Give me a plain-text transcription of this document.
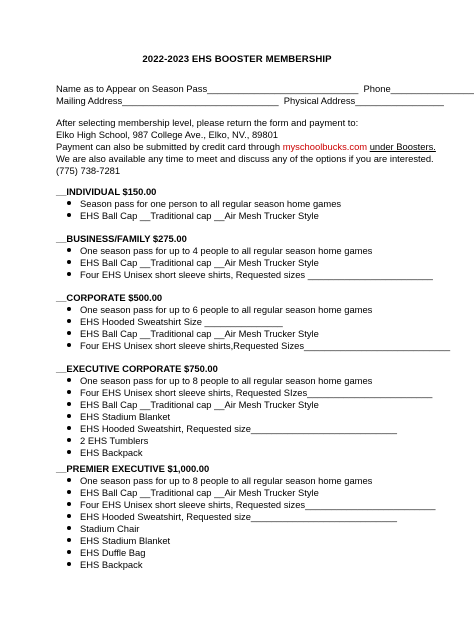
2022-2023 EHS BOOSTER MEMBERSHIP
Name as to Appear on Season Pass_____________________________  Phone________________
Mailing Address______________________________  Physical Address_________________
After selecting membership level, please return the form and payment to:
Elko High School, 987 College Ave., Elko, NV., 89801
Payment can also be submitted by credit card through myschoolbucks.com under Boosters.
We are also available any time to meet and discuss any of the options if you are interested.
(775) 738-7281
__INDIVIDUAL $150.00
Season pass for one person to all regular season home games
EHS Ball Cap __Traditional cap __Air Mesh Trucker Style
__BUSINESS/FAMILY $275.00
One season pass for up to 4 people to all regular season home games
EHS Ball Cap __Traditional cap __Air Mesh Trucker Style
Four EHS Unisex short sleeve shirts, Requested sizes ________________________
__CORPORATE $500.00
One season pass for up to 6 people to all regular season home games
EHS Hooded Sweatshirt Size _______________
EHS Ball Cap __Traditional cap __Air Mesh Trucker Style
Four EHS Unisex short sleeve shirts,Requested Sizes____________________________
__EXECUTIVE CORPORATE $750.00
One season pass for up to 8 people to all regular season home games
Four EHS Unisex short sleeve shirts, Requested SIzes________________________
EHS Ball Cap __Traditional cap __Air Mesh Trucker Style
EHS Stadium Blanket
EHS Hooded Sweatshirt, Requested size____________________________
2 EHS Tumblers
EHS Backpack
__PREMIER EXECUTIVE $1,000.00
One season pass for up to 8 people to all regular season home games
EHS Ball Cap __Traditional cap __Air Mesh Trucker Style
Four EHS Unisex short sleeve shirts, Requested sizes_________________________
EHS Hooded Sweatshirt, Requested size____________________________
Stadium Chair
EHS Stadium Blanket
EHS Duffle Bag
EHS Backpack
